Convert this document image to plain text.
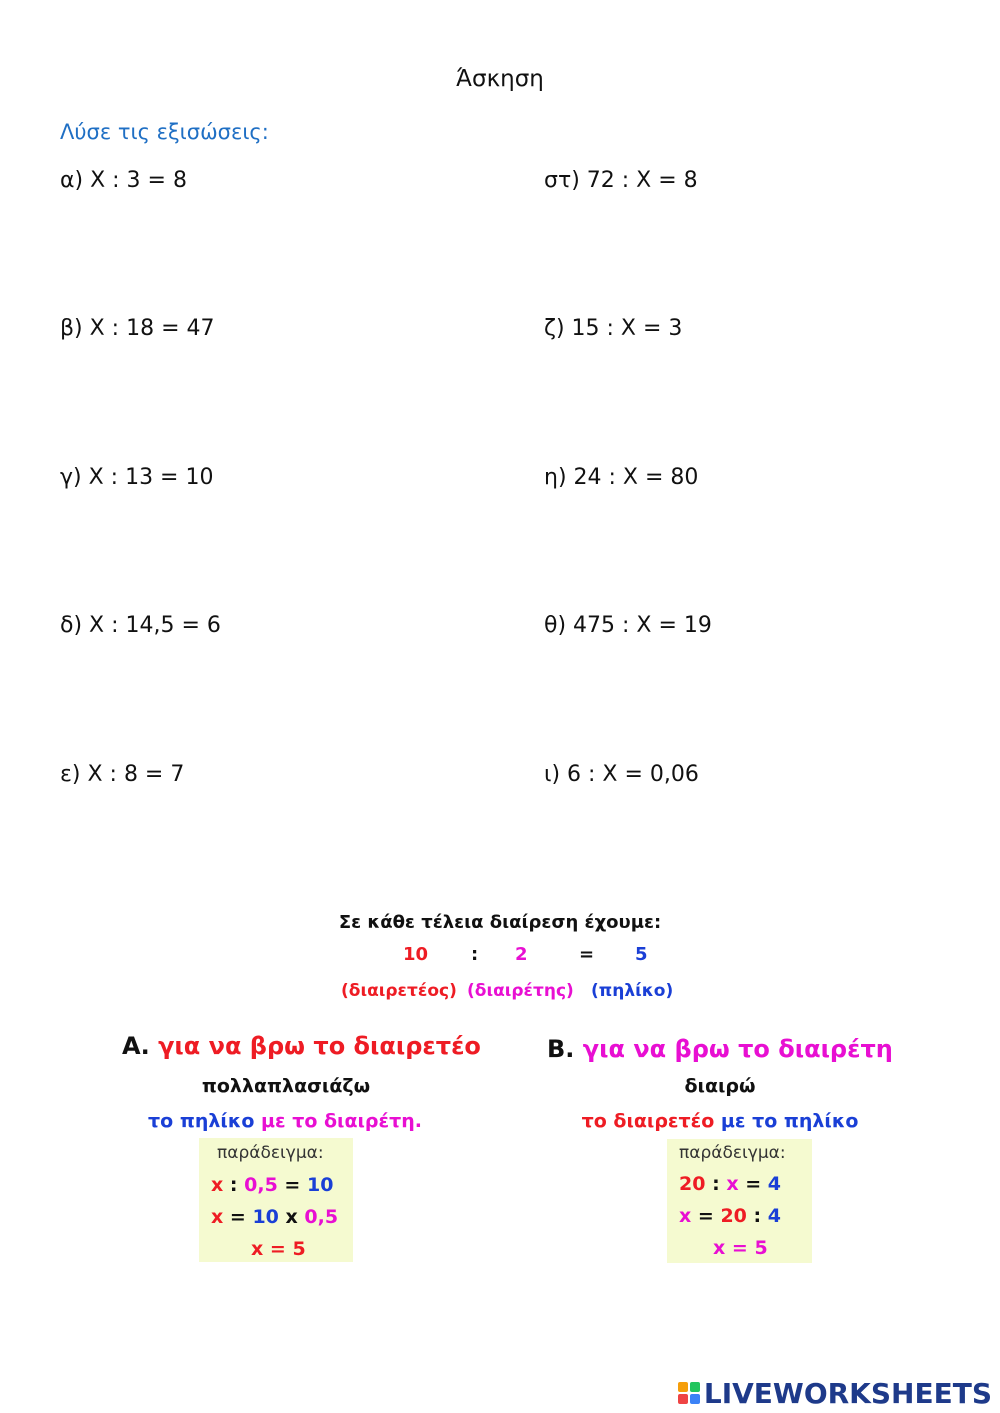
Άσκηση
Λύσε τις εξισώσεις:
α) Χ : 3 = 8
β) Χ : 18 = 47
γ) Χ : 13 = 10
δ) Χ : 14,5 = 6
ε) Χ : 8 = 7
στ) 72 : Χ = 8
ζ) 15 : Χ = 3
η) 24 : Χ = 80
θ) 475 : Χ = 19
ι) 6 : Χ = 0,06
Σε κάθε τέλεια διαίρεση έχουμε:
10 : 2	= 5
(διαιρετέος) (διαιρέτης) (πηλίκο)
Α. για να βρω το διαιρετέο
πολλαπλασιάζω
το πηλίκο με το διαιρέτη.
παράδειγμα:
x : 0,5 = 10
x = 10 x 0,5
x = 5
Β. για να βρω το διαιρέτη
διαιρώ
το διαιρετέο με το πηλίκο
παράδειγμα:
20 : x = 4
x = 20 : 4
x = 5
LIVEWORKSHEETS
